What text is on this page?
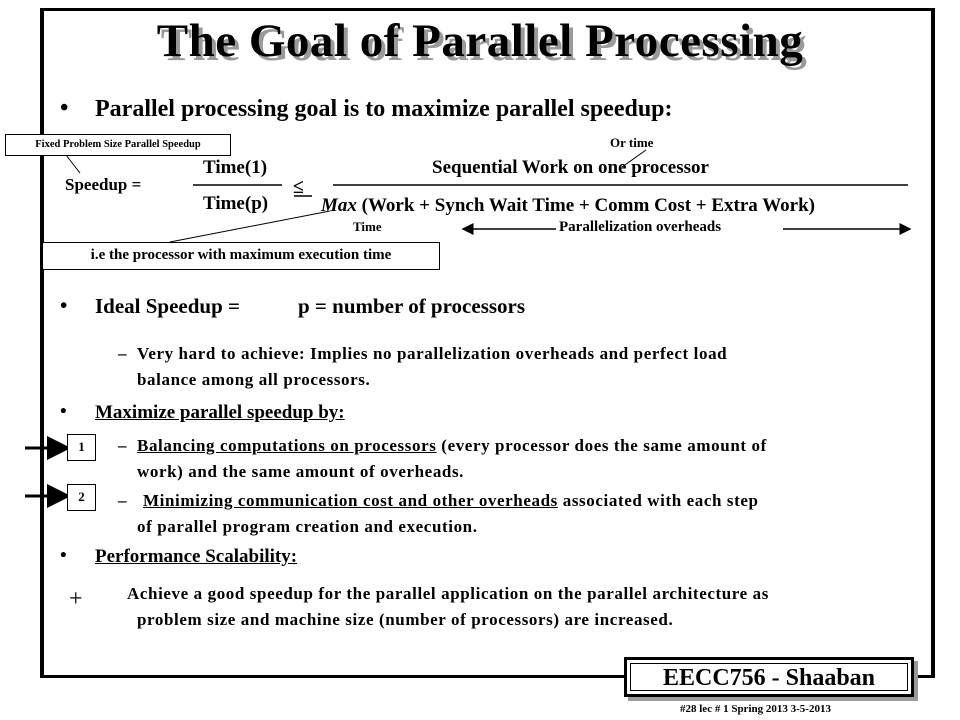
The Goal of Parallel Processing
• Parallel processing goal is to maximize parallel speedup:
Fixed Problem Size Parallel Speedup	Or time
Speedup =
Time(1)
Time(p)
≤
Sequential Work on one processor
Max (Work + Synch Wait Time + Comm Cost + Extra Work)
Time	Parallelization overheads
i.e the processor with maximum execution time
• Ideal Speedup =	p = number of processors
– Very hard to achieve: Implies no parallelization overheads and perfect load
balance among all processors.
• Maximize parallel speedup by:
1	– Balancing computations on processors (every processor does the same amount of
work) and the same amount of overheads.
2	– Minimizing communication cost and other overheads associated with each step
of parallel program creation and execution.
• Performance Scalability:
+	Achieve a good speedup for the parallel application on the parallel architecture as
problem size and machine size (number of processors) are increased.
EECC756 - Shaaban
#28 lec # 1 Spring 2013 3-5-2013
